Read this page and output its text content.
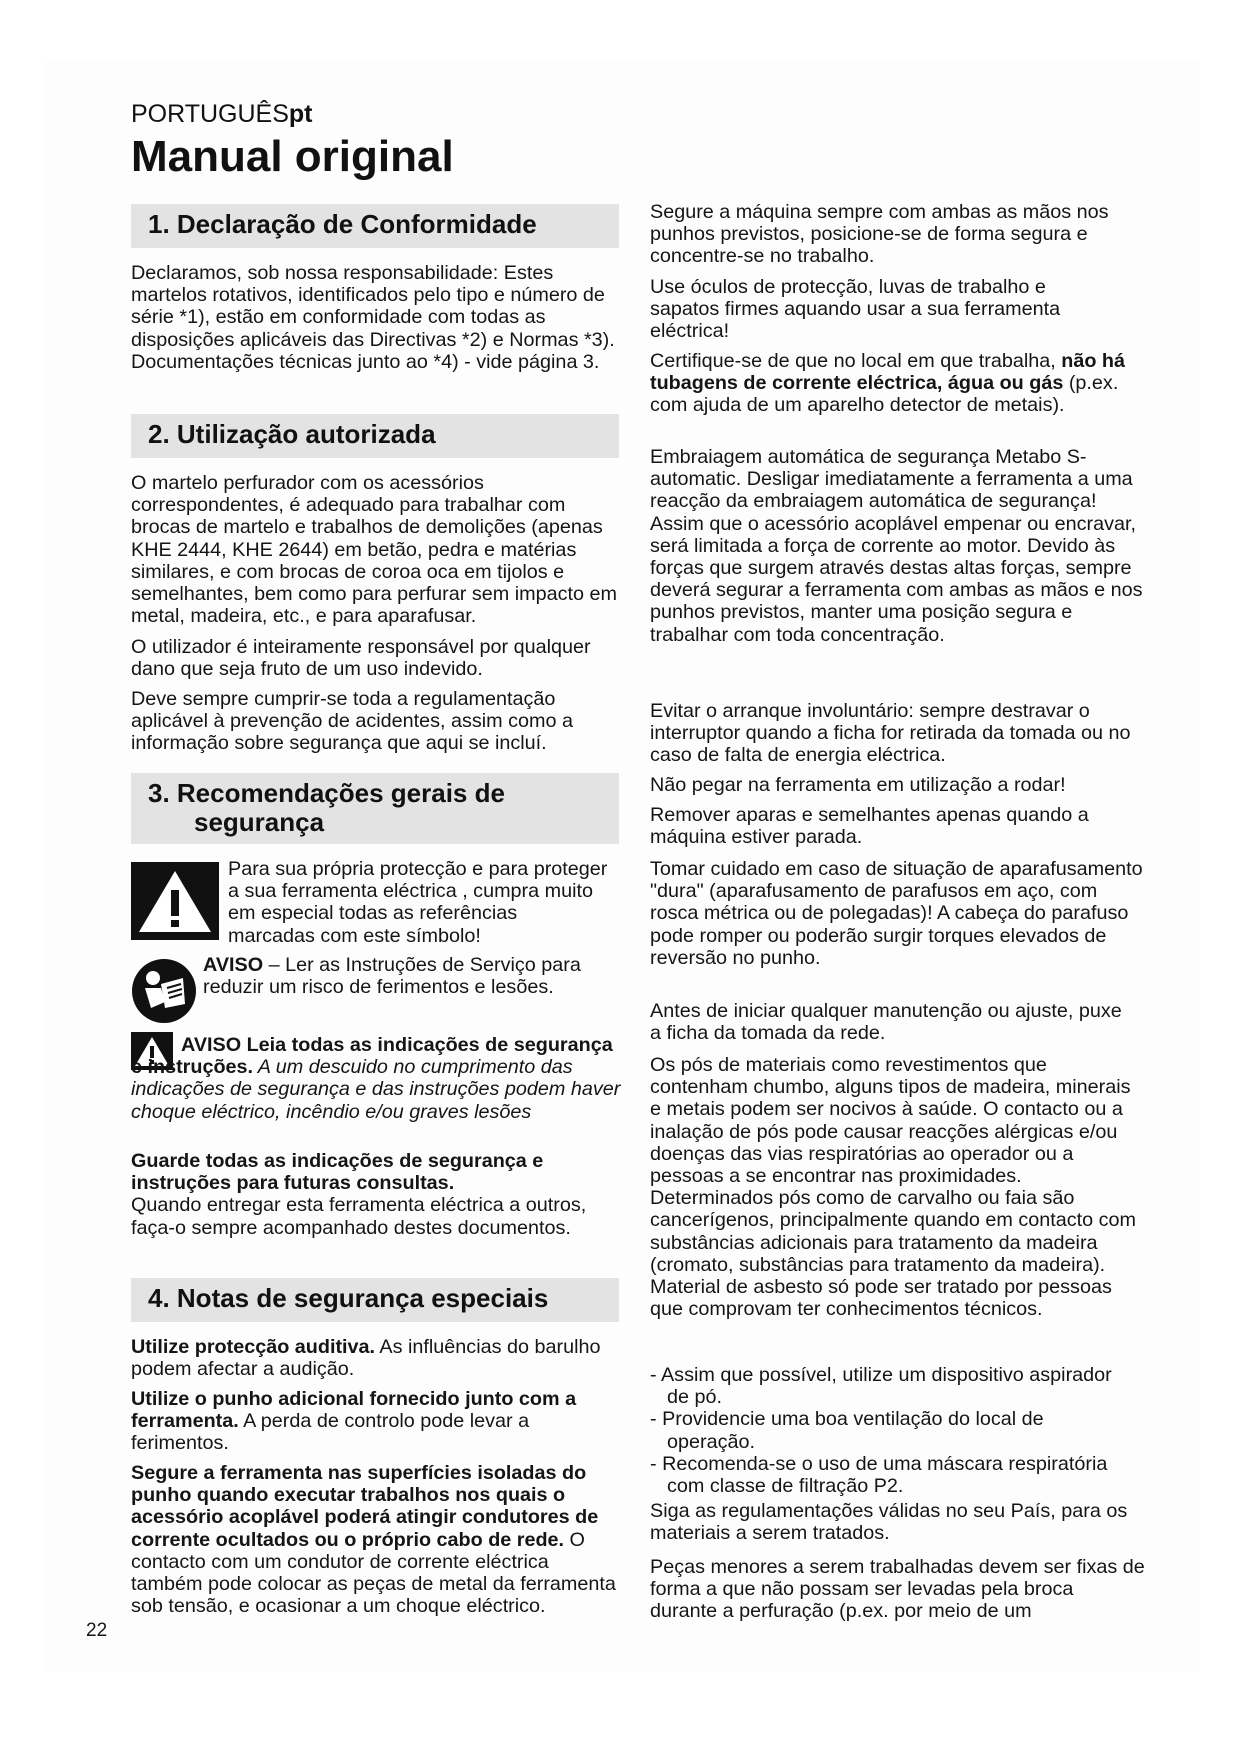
PORTUGUÊSpt
Manual original
1. Declaração de Conformidade

Declaramos, sob nossa responsabilidade: Estes martelos rotativos, identificados pelo tipo e número de série *1), estão em conformidade com todas as disposições aplicáveis das Directivas *2) e Normas *3). Documentações técnicas junto ao *4) - vide página 3.

2. Utilização autorizada

O martelo perfurador com os acessórios correspondentes, é adequado para trabalhar com brocas de martelo e trabalhos de demolições (apenas KHE 2444, KHE 2644) em betão, pedra e matérias similares, e com brocas de coroa oca em tijolos e semelhantes, bem como para perfurar sem impacto em metal, madeira, etc., e para aparafusar.

O utilizador é inteiramente responsável por qualquer dano que seja fruto de um uso indevido.

Deve sempre cumprir-se toda a regulamentação aplicável à prevenção de acidentes, assim como a informação sobre segurança que aqui se incluí.

3. Recomendações gerais de
segurança

Para sua própria protecção e para proteger a sua ferramenta eléctrica , cumpra muito em especial todas as referências marcadas com este símbolo!

AVISO – Ler as Instruções de Serviço para reduzir um risco de ferimentos e lesões.

AVISO Leia todas as indicações de segurança e instruções. A um descuido no cumprimento das indicações de segurança e das instruções podem haver choque eléctrico, incêndio e/ou graves lesões

Guarde todas as indicações de segurança e instruções para futuras consultas.
Quando entregar esta ferramenta eléctrica a outros, faça-o sempre acompanhado destes documentos.

4. Notas de segurança especiais

Utilize protecção auditiva. As influências do barulho podem afectar a audição.

Utilize o punho adicional fornecido junto com a ferramenta. A perda de controlo pode levar a ferimentos.

Segure a ferramenta nas superfícies isoladas do punho quando executar trabalhos nos quais o acessório acoplável poderá atingir condutores de corrente ocultados ou o próprio cabo de rede. O contacto com um condutor de corrente eléctrica também pode colocar as peças de metal da ferramenta sob tensão, e ocasionar a um choque eléctrico.

22

Segure a máquina sempre com ambas as mãos nos punhos previstos, posicione-se de forma segura e concentre-se no trabalho.

Use óculos de protecção, luvas de trabalho e sapatos firmes aquando usar a sua ferramenta eléctrica!

Certifique-se de que no local em que trabalha, não há tubagens de corrente eléctrica, água ou gás (p.ex. com ajuda de um aparelho detector de metais).

Embraiagem automática de segurança Metabo S-automatic. Desligar imediatamente a ferramenta a uma reacção da embraiagem automática de segurança! Assim que o acessório acoplável empenar ou encravar, será limitada a força de corrente ao motor. Devido às forças que surgem através destas altas forças, sempre deverá segurar a ferramenta com ambas as mãos e nos punhos previstos, manter uma posição segura e trabalhar com toda concentração.

Evitar o arranque involuntário: sempre destravar o interruptor quando a ficha for retirada da tomada ou no caso de falta de energia eléctrica.

Não pegar na ferramenta em utilização a rodar!

Remover aparas e semelhantes apenas quando a máquina estiver parada.

Tomar cuidado em caso de situação de aparafusamento "dura" (aparafusamento de parafusos em aço, com rosca métrica ou de polegadas)! A cabeça do parafuso pode romper ou poderão surgir torques elevados de reversão no punho.

Antes de iniciar qualquer manutenção ou ajuste, puxe a ficha da tomada da rede.

Os pós de materiais como revestimentos que contenham chumbo, alguns tipos de madeira, minerais e metais podem ser nocivos à saúde. O contacto ou a inalação de pós pode causar reacções alérgicas e/ou doenças das vias respiratórias ao operador ou a pessoas a se encontrar nas proximidades. Determinados pós como de carvalho ou faia são cancerígenos, principalmente quando em contacto com substâncias adicionais para tratamento da madeira (cromato, substâncias para tratamento da madeira). Material de asbesto só pode ser tratado por pessoas que comprovam ter conhecimentos técnicos.

- Assim que possível, utilize um dispositivo aspirador de pó.
- Providencie uma boa ventilação do local de operação.
- Recomenda-se o uso de uma máscara respiratória com classe de filtração P2.

Siga as regulamentações válidas no seu País, para os materiais a serem tratados.

Peças menores a serem trabalhadas devem ser fixas de forma a que não possam ser levadas pela broca durante a perfuração (p.ex. por meio de um
